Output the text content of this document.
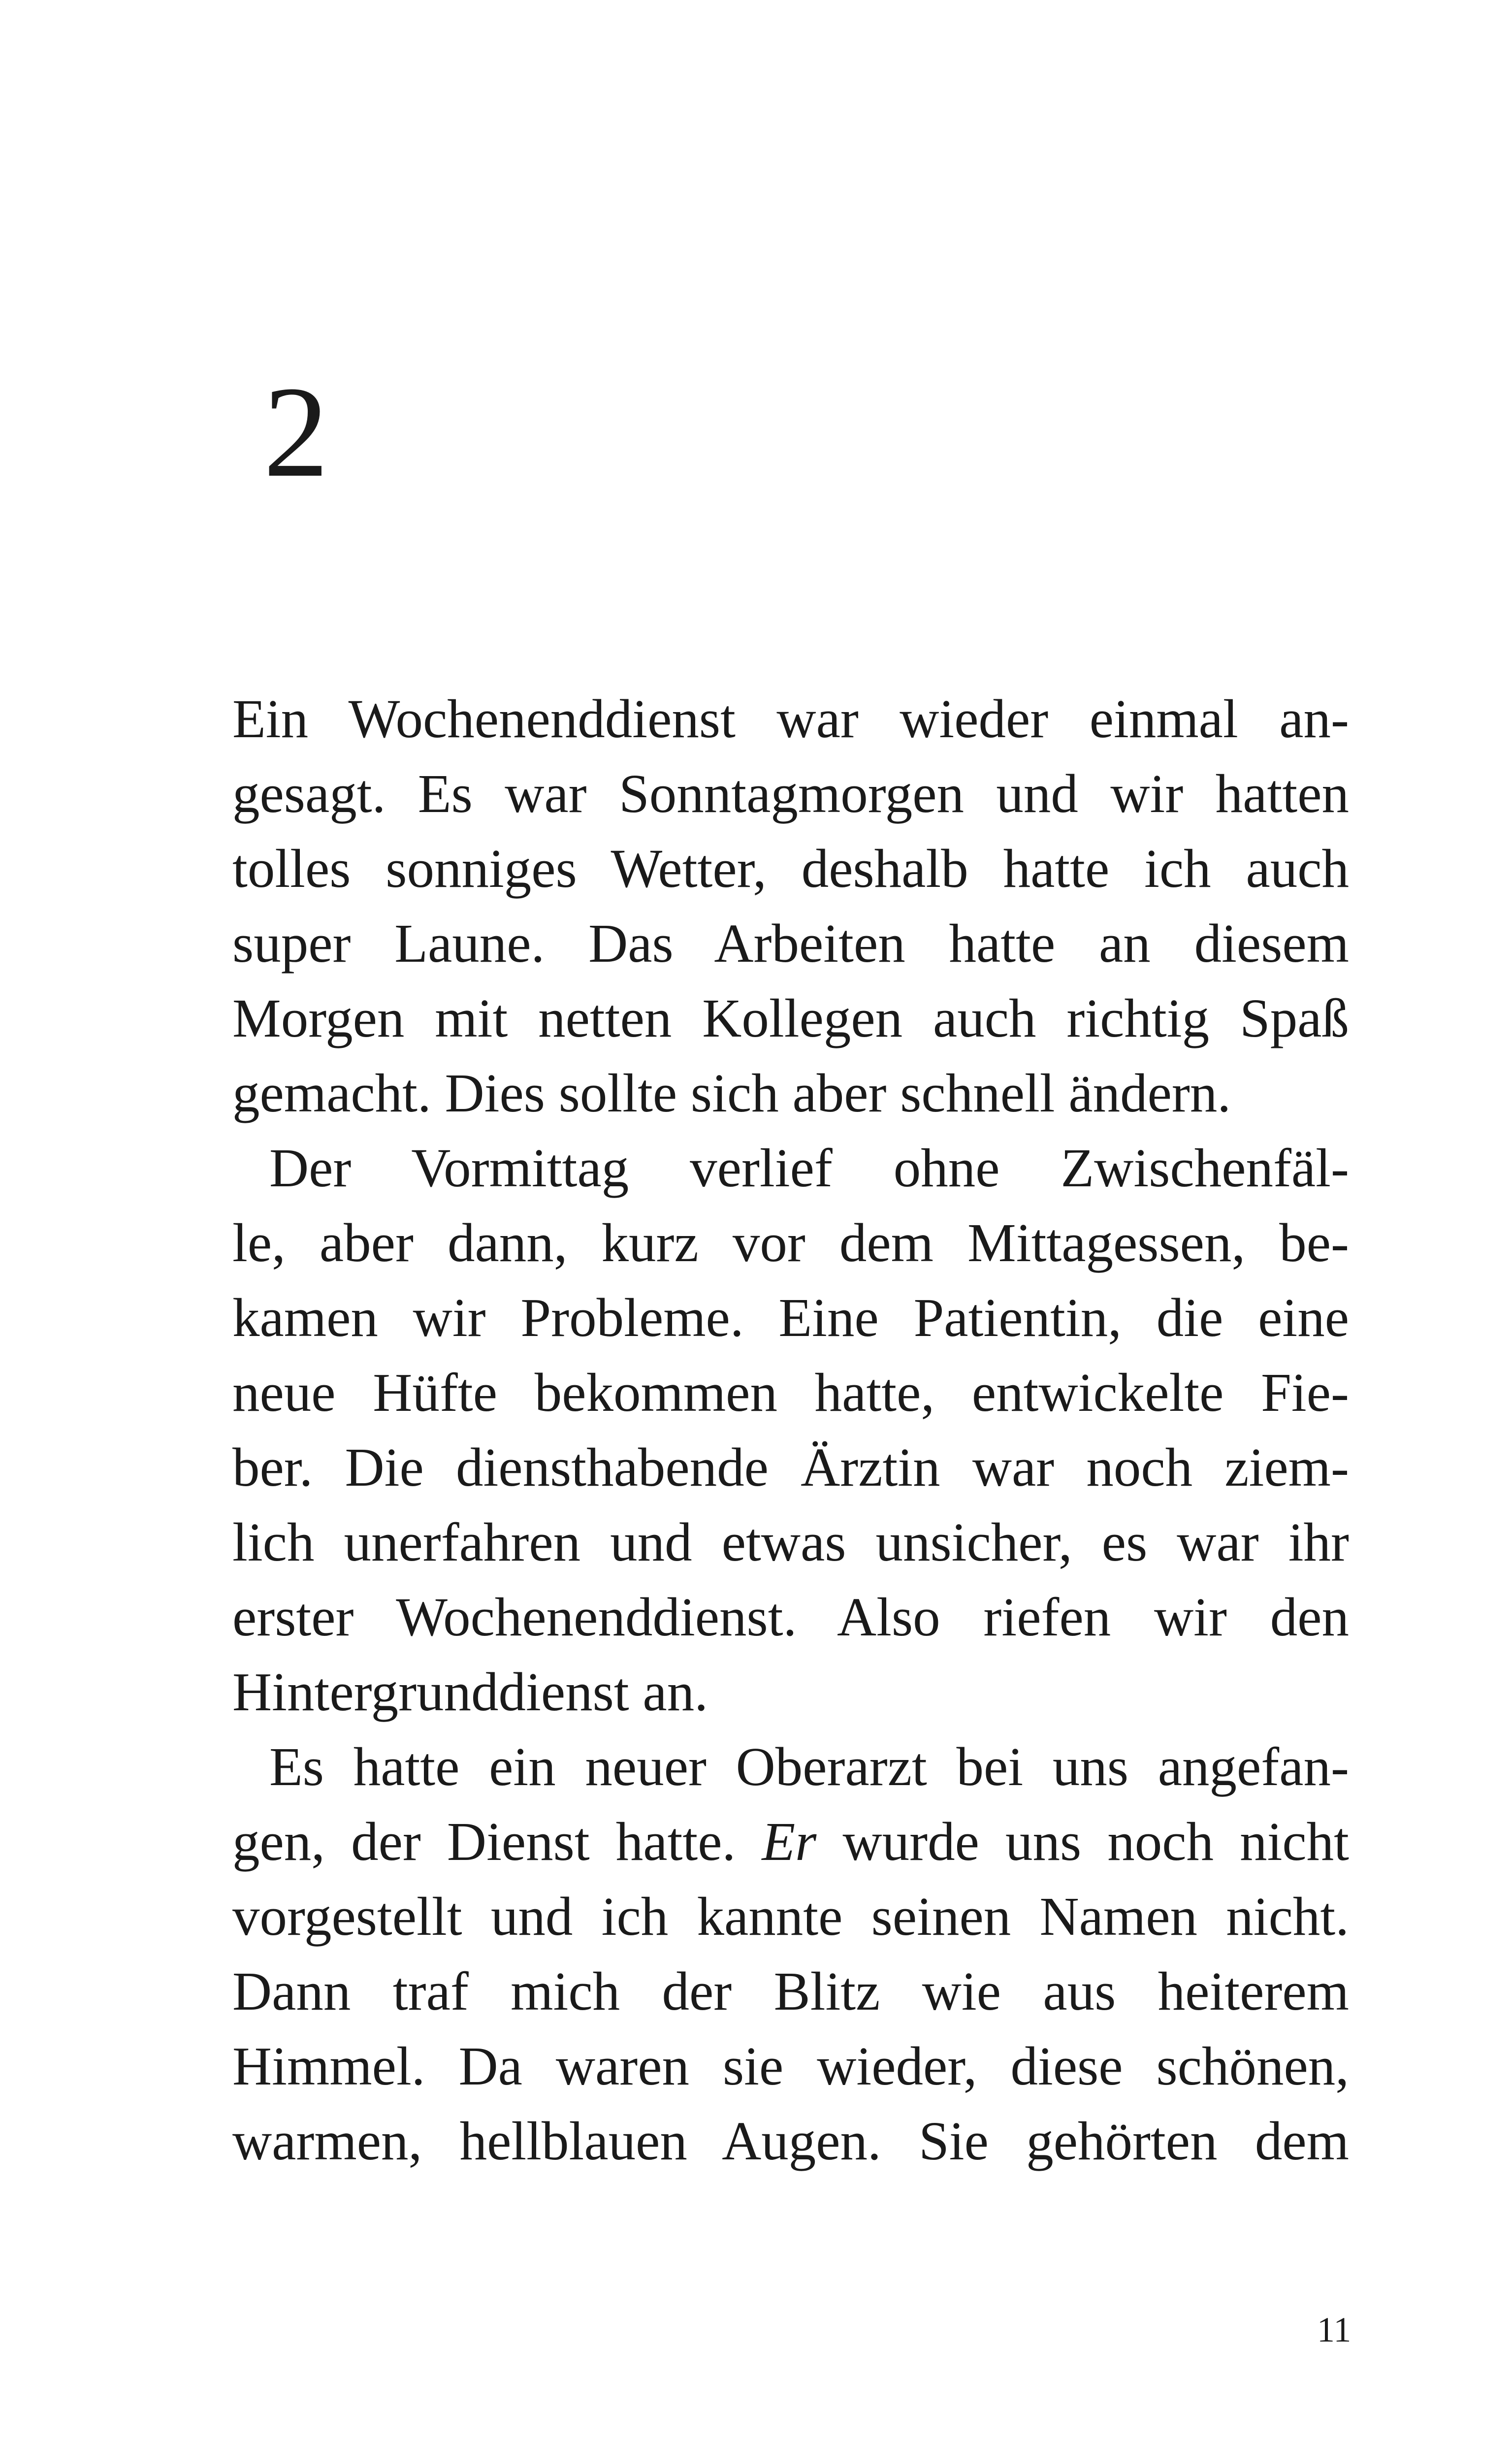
2
Ein Wochenenddienst war wieder einmal an-
gesagt. Es war Sonntagmorgen und wir hatten
tolles sonniges Wetter, deshalb hatte ich auch
super Laune. Das Arbeiten hatte an diesem
Morgen mit netten Kollegen auch richtig Spaß
gemacht. Dies sollte sich aber schnell ändern.
Der Vormittag verlief ohne Zwischenfäl-
le, aber dann, kurz vor dem Mittagessen, be-
kamen wir Probleme. Eine Patientin, die eine
neue Hüfte bekommen hatte, entwickelte Fie-
ber. Die diensthabende Ärztin war noch ziem-
lich unerfahren und etwas unsicher, es war ihr
erster Wochenenddienst. Also riefen wir den
Hintergrunddienst an.
Es hatte ein neuer Oberarzt bei uns angefan-
gen, der Dienst hatte. Er wurde uns noch nicht
vorgestellt und ich kannte seinen Namen nicht.
Dann traf mich der Blitz wie aus heiterem
Himmel. Da waren sie wieder, diese schönen,
warmen, hellblauen Augen. Sie gehörten dem
11
